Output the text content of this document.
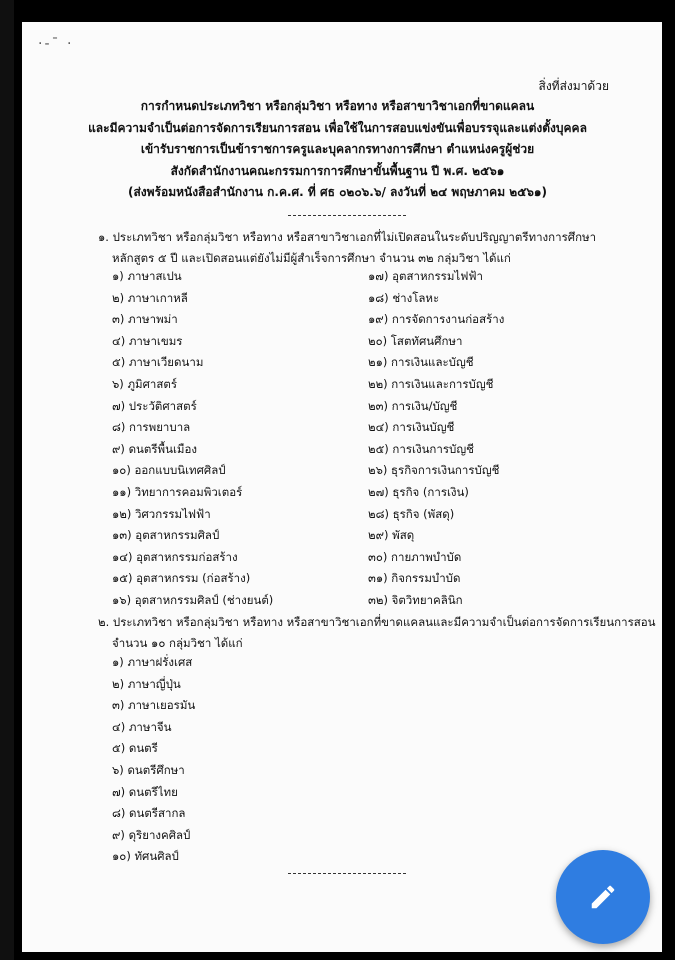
·-ˉ ·
สิ่งที่ส่งมาด้วย
การกำหนดประเภทวิชา หรือกลุ่มวิชา หรือทาง หรือสาขาวิชาเอกที่ขาดแคลน
และมีความจำเป็นต่อการจัดการเรียนการสอน เพื่อใช้ในการสอบแข่งขันเพื่อบรรจุและแต่งตั้งบุคคล
เข้ารับราชการเป็นข้าราชการครูและบุคลากรทางการศึกษา ตำแหน่งครูผู้ช่วย
สังกัดสำนักงานคณะกรรมการการศึกษาขั้นพื้นฐาน ปี พ.ศ. ๒๕๖๑
(ส่งพร้อมหนังสือสำนักงาน ก.ค.ศ. ที่ ศธ ๐๒๐๖.๖/ ลงวันที่ ๒๔ พฤษภาคม ๒๕๖๑)
๑. ประเภทวิชา หรือกลุ่มวิชา หรือทาง หรือสาขาวิชาเอกที่ไม่เปิดสอนในระดับปริญญาตรีทางการศึกษา
หลักสูตร ๕ ปี และเปิดสอนแต่ยังไม่มีผู้สำเร็จการศึกษา จำนวน ๓๒ กลุ่มวิชา ได้แก่
๑) ภาษาสเปน
๒) ภาษาเกาหลี
๓) ภาษาพม่า
๔) ภาษาเขมร
๕) ภาษาเวียดนาม
๖) ภูมิศาสตร์
๗) ประวัติศาสตร์
๘) การพยาบาล
๙) ดนตรีพื้นเมือง
๑๐) ออกแบบนิเทศศิลป์
๑๑) วิทยาการคอมพิวเตอร์
๑๒) วิศวกรรมไฟฟ้า
๑๓) อุตสาหกรรมศิลป์
๑๔) อุตสาหกรรมก่อสร้าง
๑๕) อุตสาหกรรม (ก่อสร้าง)
๑๖) อุตสาหกรรมศิลป์ (ช่างยนต์)
๑๗) อุตสาหกรรมไฟฟ้า
๑๘) ช่างโลหะ
๑๙) การจัดการงานก่อสร้าง
๒๐) โสตทัศนศึกษา
๒๑) การเงินและบัญชี
๒๒) การเงินและการบัญชี
๒๓) การเงิน/บัญชี
๒๔) การเงินบัญชี
๒๕) การเงินการบัญชี
๒๖) ธุรกิจการเงินการบัญชี
๒๗) ธุรกิจ (การเงิน)
๒๘) ธุรกิจ (พัสดุ)
๒๙) พัสดุ
๓๐) กายภาพบำบัด
๓๑) กิจกรรมบำบัด
๓๒) จิตวิทยาคลินิก
๒. ประเภทวิชา หรือกลุ่มวิชา หรือทาง หรือสาขาวิชาเอกที่ขาดแคลนและมีความจำเป็นต่อการจัดการเรียนการสอน
จำนวน ๑๐ กลุ่มวิชา ได้แก่
๑) ภาษาฝรั่งเศส
๒) ภาษาญี่ปุ่น
๓) ภาษาเยอรมัน
๔) ภาษาจีน
๕) ดนตรี
๖) ดนตรีศึกษา
๗) ดนตรีไทย
๘) ดนตรีสากล
๙) ดุริยางคศิลป์
๑๐) ทัศนศิลป์
